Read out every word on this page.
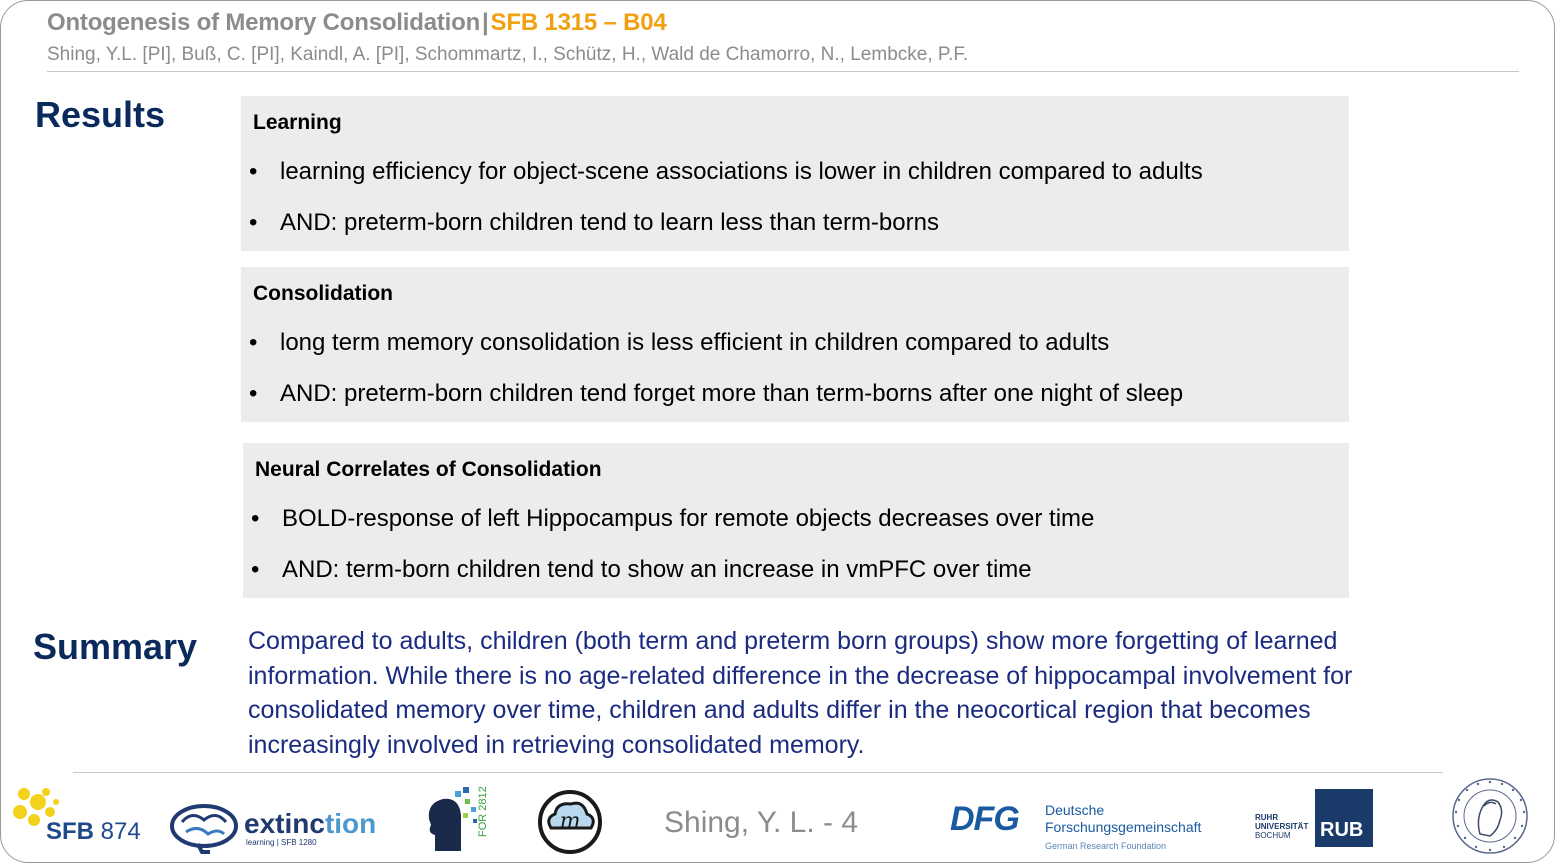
Ontogenesis of Memory Consolidation|SFB 1315 – B04
Shing, Y.L. [PI], Buß, C. [PI], Kaindl, A. [PI], Schommartz, I., Schütz, H., Wald de Chamorro, N., Lembcke, P.F.
Results	Learning
• learning efficiency for object-scene associations is lower in children compared to adults
• AND: preterm-born children tend to learn less than term-borns
Consolidation
• long term memory consolidation is less efficient in children compared to adults
• AND: preterm-born children tend forget more than term-borns after one night of sleep
Neural Correlates of Consolidation
• BOLD-response of left Hippocampus for remote objects decreases over time
• AND: term-born children tend to show an increase in vmPFC over time
Summary Compared to adults, children (both term and preterm born groups) show more forgetting of learned information. While there is no age-related difference in the decrease of hippocampal involvement for consolidated memory over time, children and adults differ in the neocortical region that becomes increasingly involved in retrieving consolidated memory.
SFB 874	extinction
learning | SFB 1280
FOR 2812	m	Shing, Y. L. - 4	DFG Deutsche
Forschungsgemeinschaft
German Research Foundation
RUHR
UNIVERSITÄT
BOCHUM	RUB
